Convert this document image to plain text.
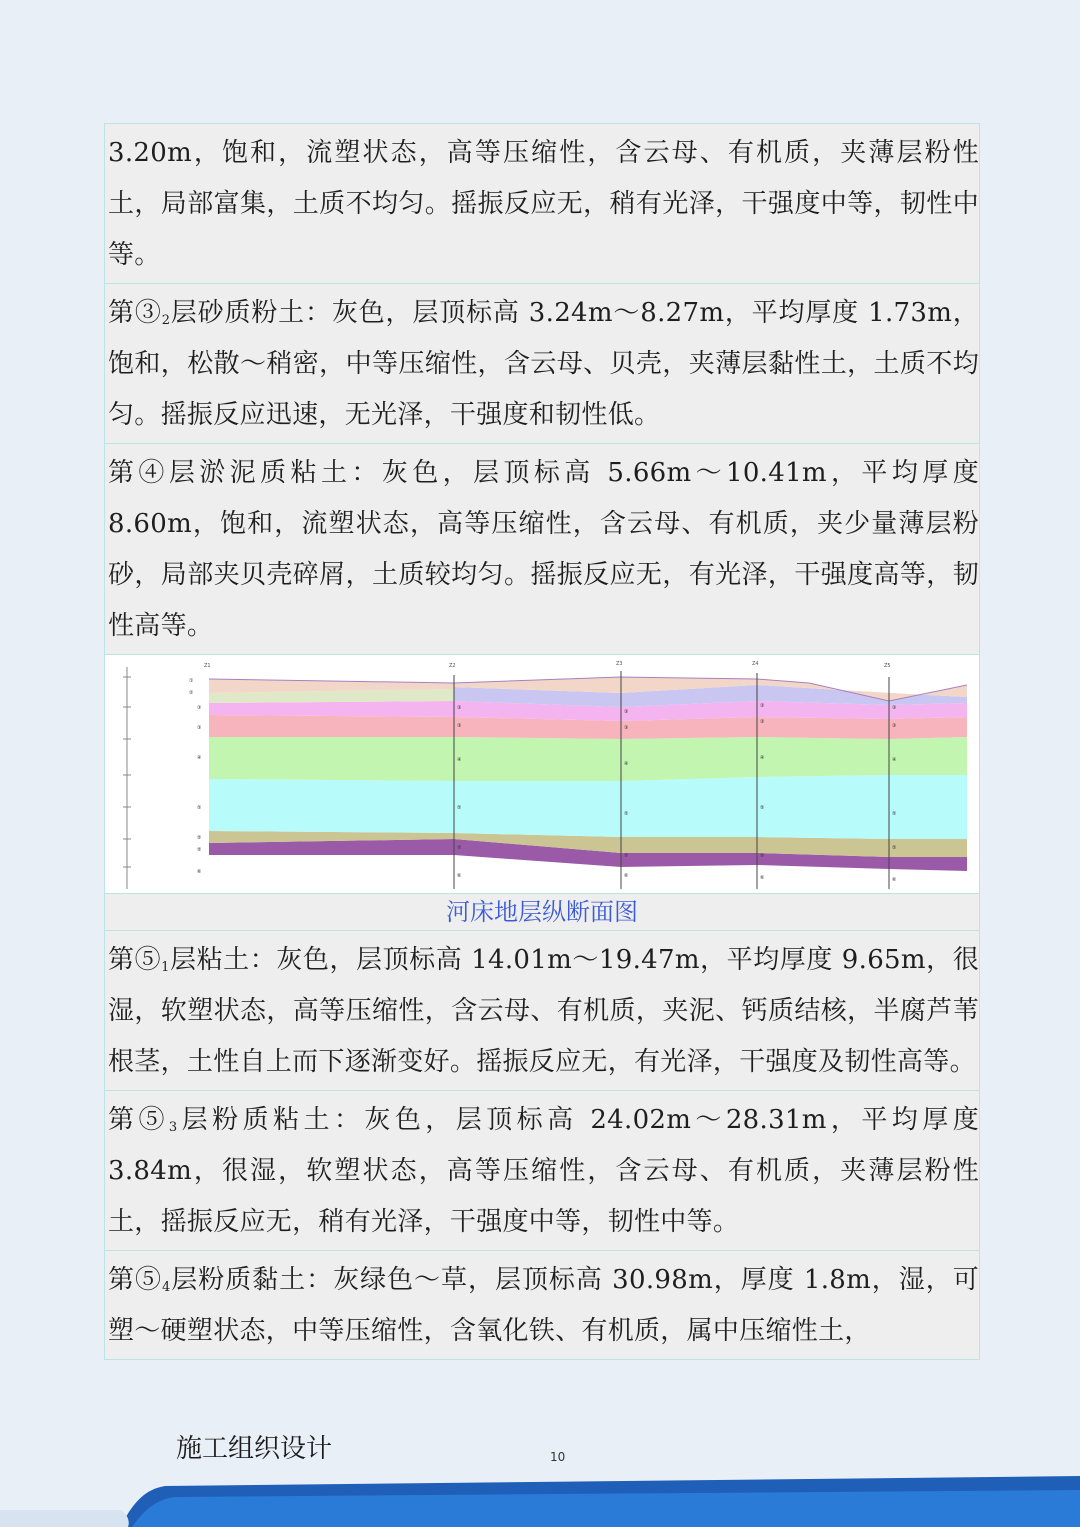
3.20m，饱和，流塑状态，高等压缩性，含云母、有机质，夹薄层粉性土，局部富集，土质不均匀。摇振反应无，稍有光泽，干强度中等，韧性中等。
第$③_2$层砂质粉土：灰色，层顶标高 3.24m～8.27m，平均厚度 1.73m，饱和，松散～稍密，中等压缩性，含云母、贝壳，夹薄层黏性土，土质不均匀。摇振反应迅速，无光泽，干强度和韧性低。
第④层淤泥质粘土：灰色，层顶标高 5.66m～10.41m，平均厚度 8.60m，饱和，流塑状态，高等压缩性，含云母、有机质，夹少量薄层粉砂，局部夹贝壳碎屑，土质较均匀。摇振反应无，有光泽，干强度高等，韧性高等。
Z1	Z2	Z3	Z4	Z5
①
②
③
③
④
⑤
⑤
⑤
⑥
③
③
④
⑤
⑤
⑥
③
③
④
⑤
⑤
⑥
③
③
④
⑤
⑤
⑥
③
③
④
⑤
⑤
⑥
河床地层纵断面图
第$⑤_1$层粘土：灰色，层顶标高 14.01m～19.47m，平均厚度 9.65m，很湿，软塑状态，高等压缩性，含云母、有机质，夹泥、钙质结核，半腐芦苇根茎，土性自上而下逐渐变好。摇振反应无，有光泽，干强度及韧性高等。
第$⑤_3$层粉质粘土：灰色，层顶标高 24.02m～28.31m，平均厚度 3.84m，很湿，软塑状态，高等压缩性，含云母、有机质，夹薄层粉性土，摇振反应无，稍有光泽，干强度中等，韧性中等。
第$⑤_4$层粉质黏土：灰绿色～草，层顶标高 30.98m，厚度 1.8m，湿，可塑～硬塑状态，中等压缩性，含氧化铁、有机质，属中压缩性土，
施工组织设计	10
